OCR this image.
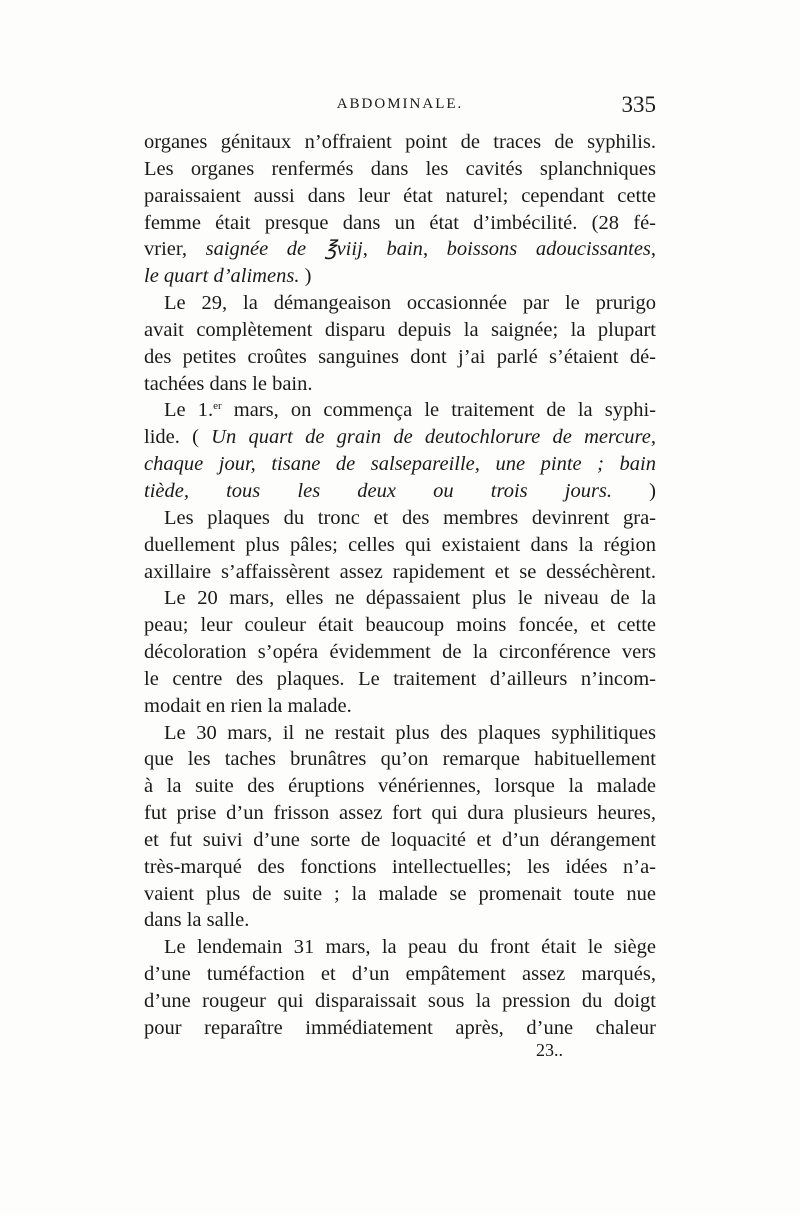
ABDOMINALE.	335
organes génitaux n’offraient point de traces de syphilis.
Les organes renfermés dans les cavités splanchniques
paraissaient aussi dans leur état naturel; cependant cette
femme était presque dans un état d’imbécilité. (28 fé-
vrier, saignée de ℥viij, bain, boissons adoucissantes,
le quart d’alimens. )
Le 29, la démangeaison occasionnée par le prurigo
avait complètement disparu depuis la saignée; la plupart
des petites croûtes sanguines dont j’ai parlé s’étaient dé-
tachées dans le bain.
Le 1.$^{er}$ mars, on commença le traitement de la syphi-
lide. ( Un quart de grain de deutochlorure de mercure,
chaque jour, tisane de salsepareille, une pinte ; bain
tiède, tous les deux ou trois jours. )
Les plaques du tronc et des membres devinrent gra-
duellement plus pâles; celles qui existaient dans la région
axillaire s’affaissèrent assez rapidement et se desséchèrent.
Le 20 mars, elles ne dépassaient plus le niveau de la
peau; leur couleur était beaucoup moins foncée, et cette
décoloration s’opéra évidemment de la circonférence vers
le centre des plaques. Le traitement d’ailleurs n’incom-
modait en rien la malade.
Le 30 mars, il ne restait plus des plaques syphilitiques
que les taches brunâtres qu’on remarque habituellement
à la suite des éruptions vénériennes, lorsque la malade
fut prise d’un frisson assez fort qui dura plusieurs heures,
et fut suivi d’une sorte de loquacité et d’un dérangement
très-marqué des fonctions intellectuelles; les idées n’a-
vaient plus de suite ; la malade se promenait toute nue
dans la salle.
Le lendemain 31 mars, la peau du front était le siège
d’une tuméfaction et d’un empâtement assez marqués,
d’une rougeur qui disparaissait sous la pression du doigt
pour reparaître immédiatement après, d’une chaleur
23..
